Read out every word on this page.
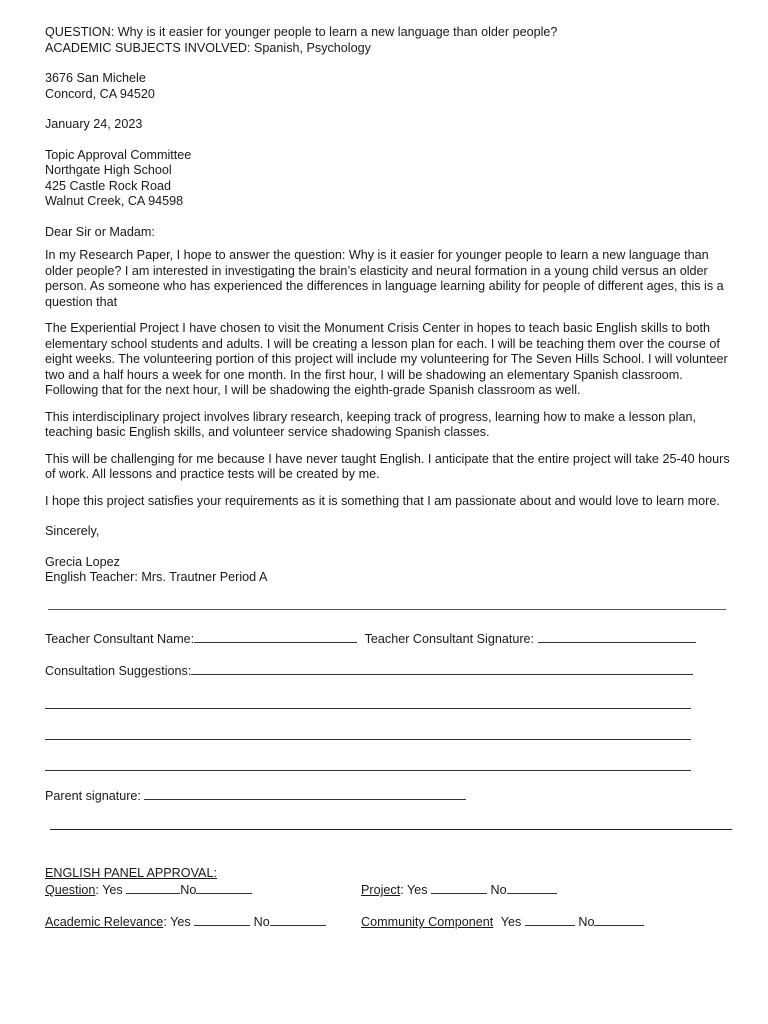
QUESTION: Why is it easier for younger people to learn a new language than older people?

ACADEMIC SUBJECTS INVOLVED: Spanish, Psychology

3676 San Michele

Concord, CA 94520

January 24, 2023

Topic Approval Committee

Northgate High School

425 Castle Rock Road

Walnut Creek, CA 94598

Dear Sir or Madam:

In my Research Paper, I hope to answer the question: Why is it easier for younger people to learn a new language than older people? I am interested in investigating the brain’s elasticity and neural formation in a young child versus an older person. As someone who has experienced the differences in language learning ability for people of different ages, this is a question that

The Experiential Project I have chosen to visit the Monument Crisis Center in hopes to teach basic English skills to both elementary school students and adults. I will be creating a lesson plan for each. I will be teaching them over the course of eight weeks. The volunteering portion of this project will include my volunteering for The Seven Hills School. I will volunteer two and a half hours a week for one month. In the first hour, I will be shadowing an elementary Spanish classroom. Following that for the next hour, I will be shadowing the eighth-grade Spanish classroom as well.

This interdisciplinary project involves library research, keeping track of progress, learning how to make a lesson plan, teaching basic English skills, and volunteer service shadowing Spanish classes.

This will be challenging for me because I have never taught English. I anticipate that the entire project will take 25-40 hours of work. All lessons and practice tests will be created by me.

I hope this project satisfies your requirements as it is something that I am passionate about and would love to learn more.

Sincerely,

Grecia Lopez

English Teacher: Mrs. Trautner Period A

Teacher Consultant Name:	Teacher Consultant Signature:
Consultation Suggestions:
Parent signature:
ENGLISH PANEL APPROVAL:
Question: Yes	No	Project: Yes	No
Academic Relevance: Yes	No	Community Component Yes	No
